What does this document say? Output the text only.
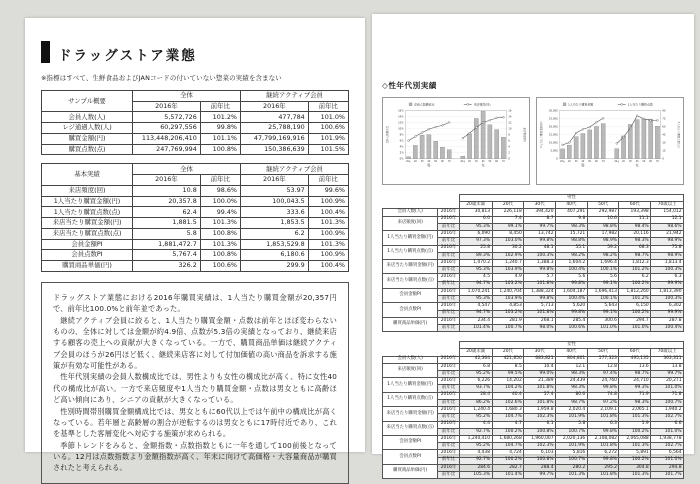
ドラッグストア業態
※指標はすべて、生鮮食品およびJANコードの付いていない惣菜の実績を含まない
サンプル概要	全体		継続アクティブ会員	
	2016年	前年比	2016年	前年比
会員人数(人)	5,572,726	101.2%	477,784	101.0%
レジ通過人数(人)	60,297,556	99.8%	25,788,190	100.6%
購買金額(円)	113,448,206,410	101.1%	47,799,169,916	101.9%
購買点数(点)	247,769,994	100.8%	150,386,639	101.5%
基本実績	全体		継続アクティブ会員	
	2016年	前年比	2016年	前年比
来店頻度(回)	10.8	98.6%	53.97	99.6%
1人当たり購買金額(円)	20,357.8	100.0%	100,043.5	100.9%
1人当たり購買点数(点)	62.4	99.4%	333.6	100.4%
来店当たり購買金額(円)	1,881.5	101.3%	1,853.5	101.3%
来店当たり購買点数(点)	5.8	100.8%	6.2	100.9%
会員金額PI	1,881,472.7	101.3%	1,853,529.8	101.3%
会員点数PI	5,767.4	100.8%	6,180.6	100.9%
購買商品単価(円)	326.2	100.6%	299.9	100.4%

ドラッグストア業態における2016年購買実績は、1人当たり購買金額が20,357円で、前年比100.0%と前年並であった。

継続アクティブ会員に絞ると、1人当たり購買金額・点数は前年とほぼ変わらないものの、全体に対しては金額が約4.9倍、点数が5.3倍の実績となっており、継続来店する顧客の売上への貢献が大きくなっている。一方で、購買商品単価は継続アクティブ会員のほうが26円ほど低く、継続来店客に対して付加価値の高い商品を訴求する施策が有効な可能性がある。

性年代別実績の会員人数構成比では、男性よりも女性の構成比が高く、特に女性40代の構成比が高い。一方で来店頻度や1人当たり購買金額・点数は男女ともに高齢ほど高い傾向にあり、シニアの貢献が大きくなっている。

性別時間帯別購買金額構成比では、男女ともに60代以上では午前中の構成比が高くなっている。若年層と高齢層の割合が逆転するのは男女ともに17時付近であり、これを基準とした客層変化へ対応する施策が求められる。

季節トレンドをみると、金額指数・点数指数ともに一年を通して100前後となっている。12月は点数指数より金額指数が高く、年末に向けて高価格・大容量商品が購買されたと考えられる。

◇性年代別実績
会員人数構成比	来店頻度(回)
0%
2%
4%
6%
8%
10%
12%
14%
16%
0
2
4
6
8
10
12
14
16
20未	20 30 40 50 60 70	20未	20 30 40 50 60 70
男	女
会員人数構成比	来店頻度(回)
1人当たり購買金額	1人当たり購買点数
0
5,000
10,000
15,000
20,000
25,000
30,000
0
15
30
45
60
75
90
20未	20 30 40 50 60 70	20未	20 30 40 50 60 70
男	女
1人当たり購買金額(円)	1人当たり購買点数(点)
		男性						
		20歳未満	20代	30代	40代	50代	60代	70歳以上
会員人数(人)	2016年	30,813	226,118	394,420	407,291	292,987	193,398	154,012
来店頻度(回)	2016年	6.0	7.4	8.7	9.8	10.6	11.1	12.1
	前年比	95.3%	99.1%	99.7%	98.3%	98.8%	98.4%	98.6%
1人当たり購買金額(円)	2016年	6,090	8,450	13,742	15,721	17,982	20,116	21,942
	前年比	97.3%	103.0%	99.8%	98.8%	98.9%	98.3%	98.9%
1人当たり購買点数(点)	2016年	25.8	30.2	48.1	55.1	59.2	68.3	75.8
	前年比	89.3%	102.9%	100.3%	98.2%	98.2%	98.7%	98.9%
来店当たり購買金額(円)	2016年	1,070.2	1,240.7	1,388.3	1,604.2	1,696.4	1,812.3	1,813.4
	前年比	95.3%	103.9%	99.8%	100.4%	100.1%	101.2%	100.3%
来店当たり購買点数(点)	2016年	4.5	4.9	5.7	5.6	5.6	6.2	6.3
	前年比	94.7%	103.2%	101.8%	99.8%	99.1%	100.2%	99.9%
会員金額PI	2016年	1,070,241	1,240,704	1,388,324	1,604,187	1,696,413	1,812,260	1,813,390
	前年比	95.3%	103.9%	99.8%	100.4%	100.1%	101.2%	100.3%
会員点数PI	2016年	4,547	4,853	5,713	5,620	5,643	6,150	6,302
	前年比	94.7%	103.2%	101.8%	99.8%	99.1%	100.2%	99.9%
購買商品単価(円)	2016年	234.4	281.9	268.1	285.4	300.6	294.7	287.8
	前年比	101.4%	100.7%	98.0%	100.6%	101.0%	101.0%	100.4%
		女性						
		20歳未満	20代	30代	40代	50代	60代	70歳以上
会員人数(人)	2016年	42,364	421,850	683,821	804,801	577,323	495,135	363,311
来店頻度(回)	2016年	6.8	8.5	10.4	12.1	12.8	13.6	13.8
	前年比	95.2%	99.5%	99.0%	98.3%	97.4%	98.7%	99.7%
1人当たり購買金額(円)	2016年	6,226	14,202	21,389	24,439	24,760	24,710	20,271
	前年比	93.7%	104.2%	101.8%	98.3%	99.8%	99.3%	101.0%
1人当たり購買点数(点)	2016年	28.4	40.4	57.4	80.6	74.8	71.9	71.8
	前年比	86.2%	102.6%	101.8%	98.7%	97.2%	98.3%	100.7%
来店当たり購買金額(円)	2016年	1,240.4	1,680.3	1,959.8	2,020.4	2,109.1	2,065.1	1,940.2
	前年比	95.2%	104.7%	102.3%	101.9%	101.8%	101.3%	102.7%
来店当たり購買点数(点)	2016年	4.4	4.7	6.1	5.8	6.3	5.9	6.6
	前年比	92.7%	100.2%	100.8%	100.7%	99.8%	100.2%	101.0%
会員金額PI	2016年	1,240,410	1,680,268	1,960,007	2,020,136	2,108,082	2,065,088	1,938,778
	前年比	95.2%	104.7%	102.3%	101.9%	101.8%	101.3%	102.7%
会員点数PI	2016年	4,438	4,724	6,103	5,816	6,272	5,891	6,564
	前年比	92.7%	100.2%	100.8%	100.7%	99.8%	100.2%	101.0%
購買商品単価(円)	2016年	284.6	282.7	288.4	280.2	295.2	304.8	294.8
	前年比	105.3%	101.4%	99.7%	101.3%	101.8%	101.3%	101.7%
